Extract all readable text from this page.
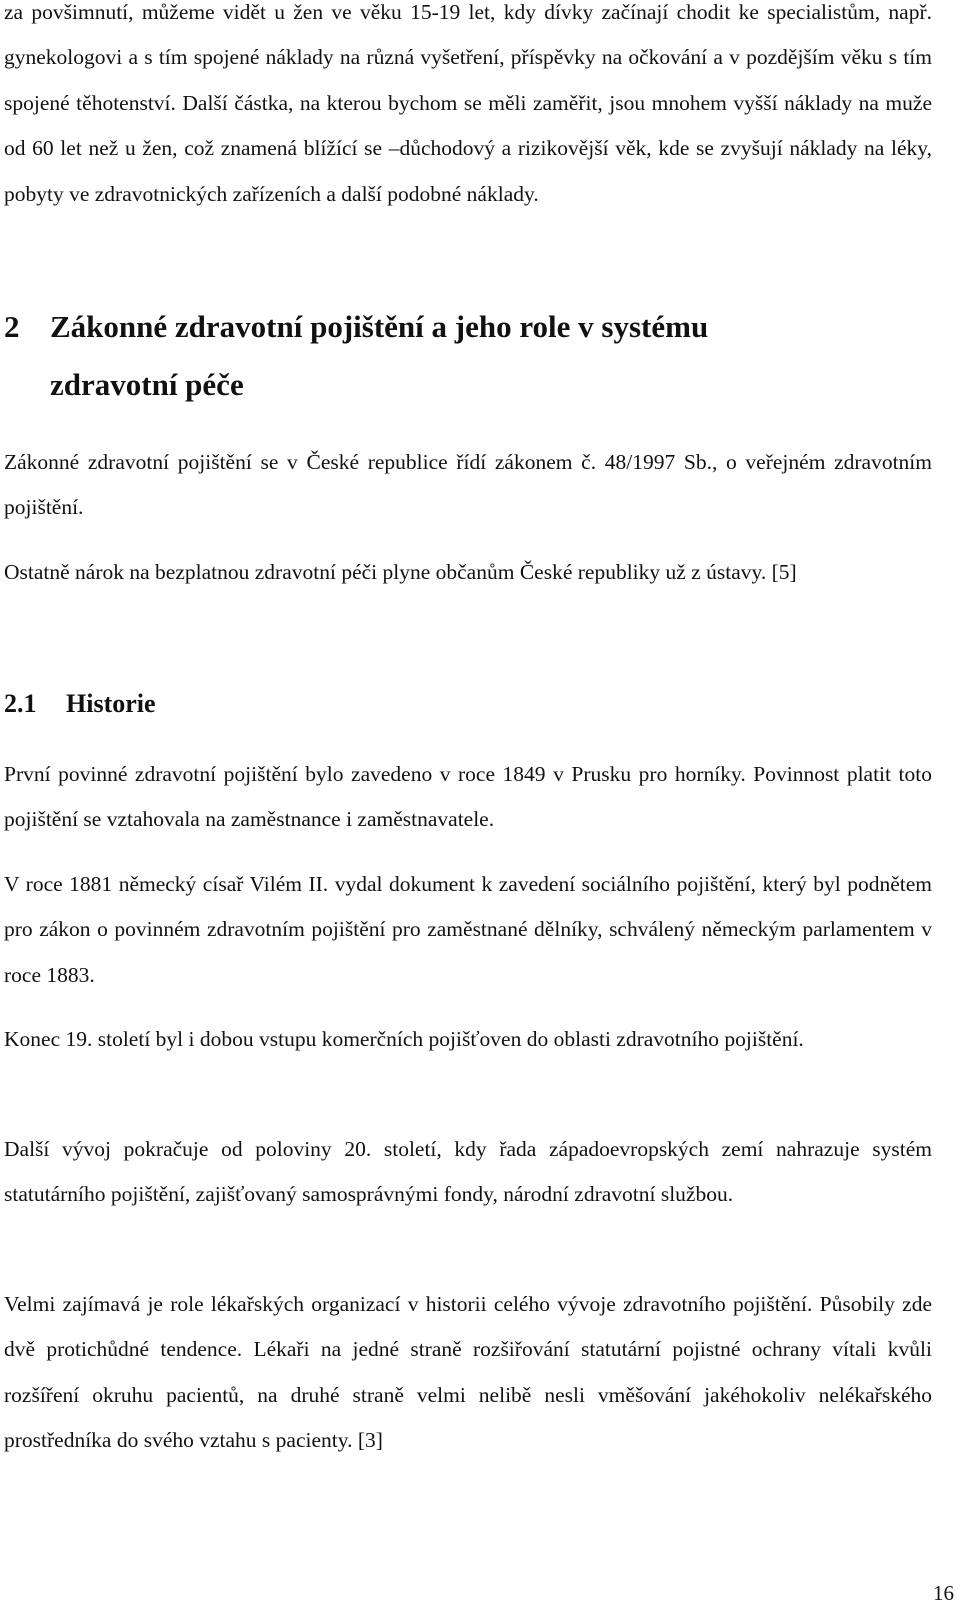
za povšimnutí, můžeme vidět u žen ve věku 15-19 let, kdy dívky začínají chodit ke specialistům, např. gynekologovi a s tím spojené náklady na různá vyšetření, příspěvky na očkování a v pozdějším věku s tím spojené těhotenství. Další částka, na kterou bychom se měli zaměřit, jsou mnohem vyšší náklady na muže od 60 let než u žen, což znamená blížící se –důchodový a rizikovější věk, kde se zvyšují náklady na léky, pobyty ve zdravotnických zařízeních a další podobné náklady.

2 Zákonné zdravotní pojištění a jeho role v systému zdravotní péče

Zákonné zdravotní pojištění se v České republice řídí zákonem č. 48/1997 Sb., o veřejném zdravotním pojištění.

Ostatně nárok na bezplatnou zdravotní péči plyne občanům České republiky už z ústavy. [5]

2.1	Historie

První povinné zdravotní pojištění bylo zavedeno v roce 1849 v Prusku pro horníky. Povinnost platit toto pojištění se vztahovala na zaměstnance i zaměstnavatele.

V roce 1881 německý císař Vilém II. vydal dokument k zavedení sociálního pojištění, který byl podnětem pro zákon o povinném zdravotním pojištění pro zaměstnané dělníky, schválený německým parlamentem v roce 1883.

Konec 19. století byl i dobou vstupu komerčních pojišťoven do oblasti zdravotního pojištění.

Další vývoj pokračuje od poloviny 20. století, kdy řada západoevropských zemí nahrazuje systém statutárního pojištění, zajišťovaný samosprávnými fondy, národní zdravotní službou.

Velmi zajímavá je role lékařských organizací v historii celého vývoje zdravotního pojištění. Působily zde dvě protichůdné tendence. Lékaři na jedné straně rozšiřování statutární pojistné ochrany vítali kvůli rozšíření okruhu pacientů, na druhé straně velmi nelibě nesli vměšování jakéhokoliv nelékařského prostředníka do svého vztahu s pacienty. [3]

16
